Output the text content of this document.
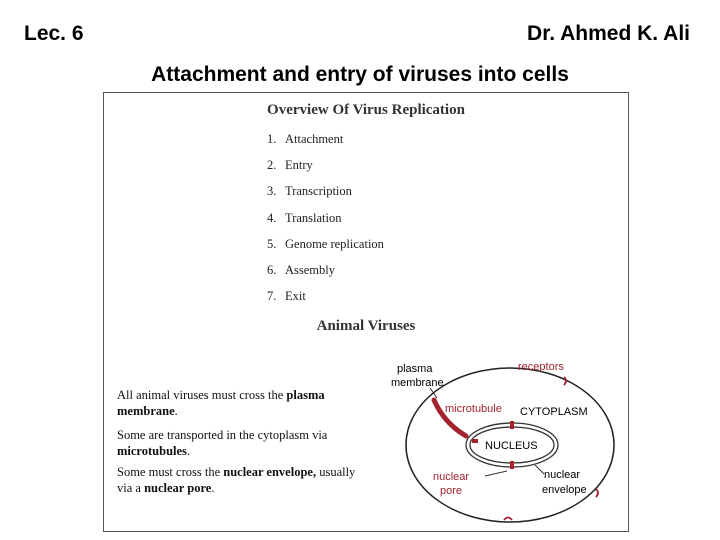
Lec. 6	Dr. Ahmed K. Ali
Attachment and entry of viruses into cells
Overview Of Virus Replication
1. Attachment
2. Entry
3. Transcription
4. Translation
5. Genome replication
6. Assembly
7. Exit
Animal Viruses
All animal viruses must cross the plasma membrane.
Some are transported in the cytoplasm via microtubules.
Some must cross the nuclear envelope, usually via a nuclear pore.
plasma
membrane
receptors
microtubule CYTOPLASM
NUCLEUS
nuclear
pore
nuclear
envelope
